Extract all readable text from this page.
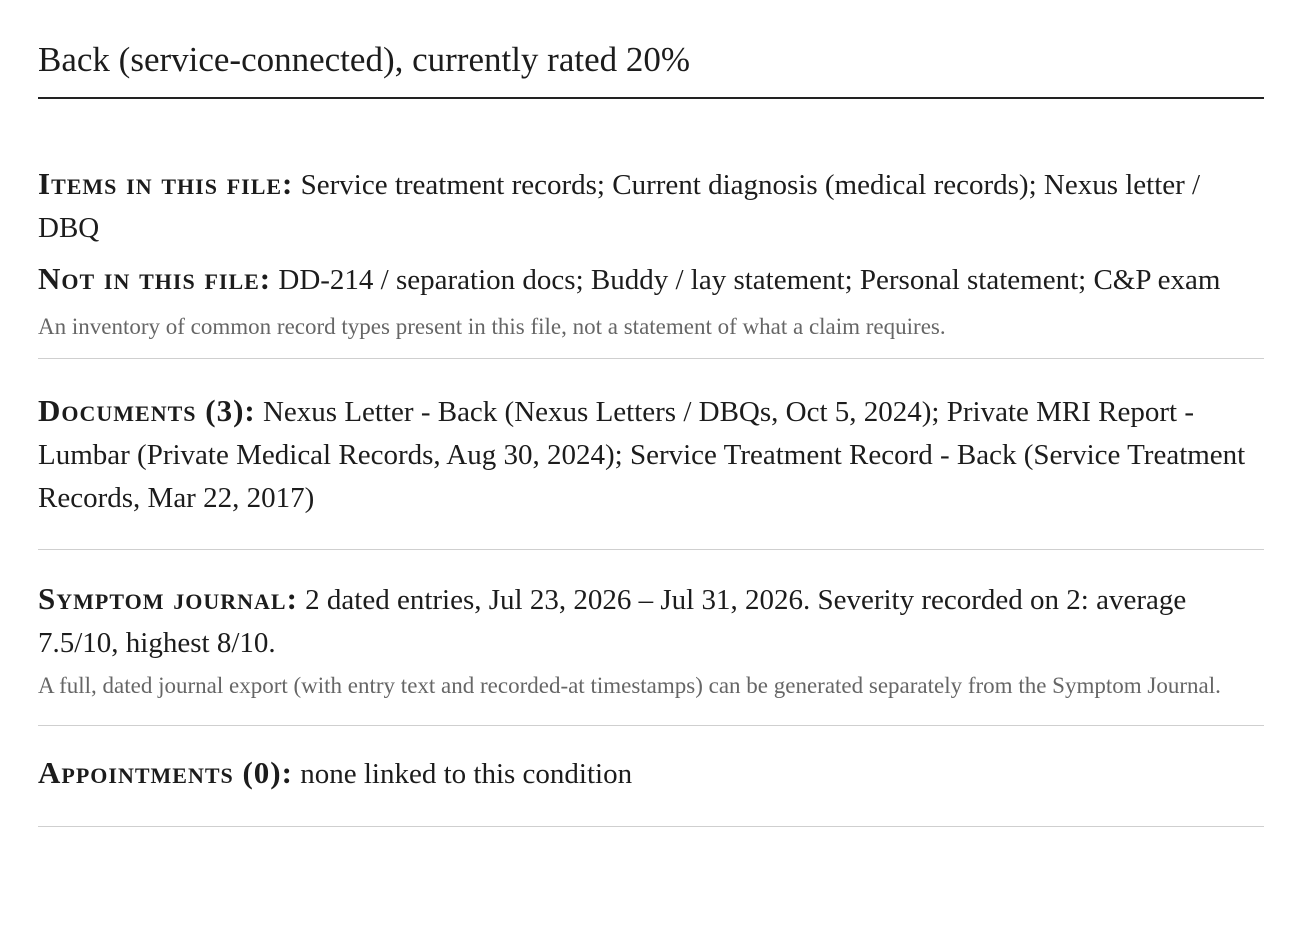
Back (service-connected), currently rated 20%

Items in this file: Service treatment records; Current diagnosis (medical records); Nexus letter / DBQ

Not in this file: DD-214 / separation docs; Buddy / lay statement; Personal statement; C&P exam

An inventory of common record types present in this file, not a statement of what a claim requires.

Documents (3): Nexus Letter - Back (Nexus Letters / DBQs, Oct 5, 2024); Private MRI Report - Lumbar (Private Medical Records, Aug 30, 2024); Service Treatment Record - Back (Service Treatment Records, Mar 22, 2017)

Symptom journal: 2 dated entries, Jul 23, 2026 – Jul 31, 2026. Severity recorded on 2: average 7.5/10, highest 8/10.

A full, dated journal export (with entry text and recorded-at timestamps) can be generated separately from the Symptom Journal.

Appointments (0): none linked to this condition
